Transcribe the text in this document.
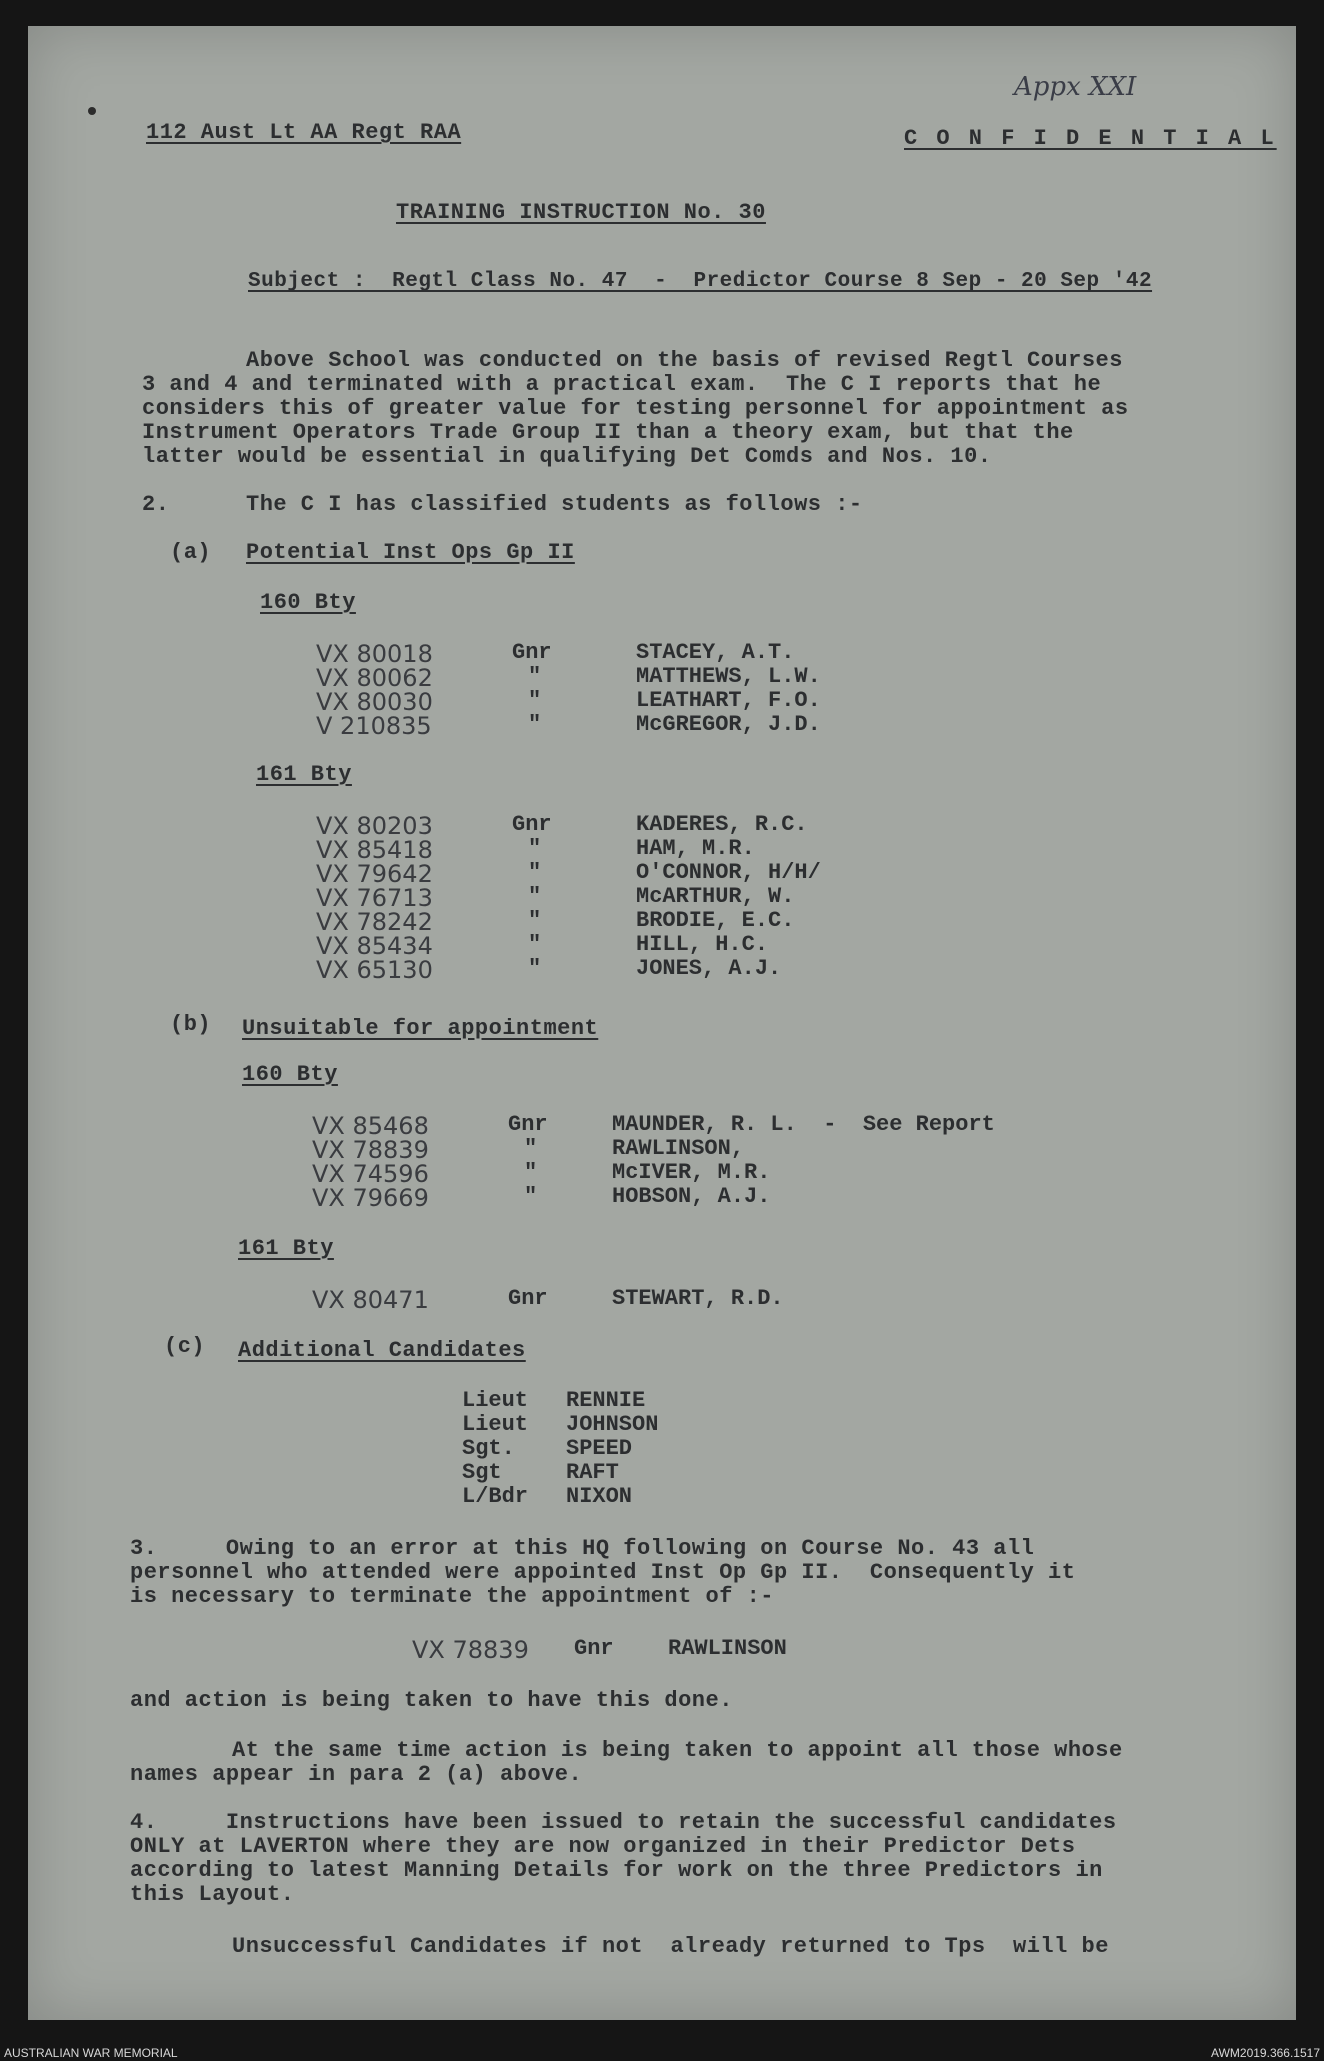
112 Aust Lt AA Regt RAA	C O N F I D E N T I A L
Appx XXI
TRAINING INSTRUCTION No. 30
Subject :  Regtl Class No. 47  -  Predictor Course 8 Sep - 20 Sep '42
Above School was conducted on the basis of revised Regtl Courses
3 and 4 and terminated with a practical exam.  The C I reports that he
considers this of greater value for testing personnel for appointment as
Instrument Operators Trade Group II than a theory exam, but that the
latter would be essential in qualifying Det Comds and Nos. 10.
2.	The C I has classified students as follows :-
(a) Potential Inst Ops Gp II
160 Bty
VX 80018	Gnr	STACEY, A.T.
VX 80062	"	MATTHEWS, L.W.
VX 80030	"	LEATHART, F.O.
V 210835	"	McGREGOR, J.D.
161 Bty
VX 80203	Gnr	KADERES, R.C.
VX 85418	"	HAM, M.R.
VX 79642	"	O'CONNOR, H/H/
VX 76713	"	McARTHUR, W.
VX 78242	"	BRODIE, E.C.
VX 85434	"	HILL, H.C.
VX 65130	"	JONES, A.J.
(b) Unsuitable for appointment
160 Bty
VX 85468	Gnr	MAUNDER, R. L.  -  See Report
VX 78839	"	RAWLINSON,
VX 74596	"	McIVER, M.R.
VX 79669	"	HOBSON, A.J.
161 Bty
VX 80471	Gnr	STEWART, R.D.
(c) Additional Candidates
Lieut RENNIE
Lieut JOHNSON
Sgt. SPEED
Sgt	RAFT
L/Bdr NIXON
3.     Owing to an error at this HQ following on Course No. 43 all
personnel who attended were appointed Inst Op Gp II.  Consequently it
is necessary to terminate the appointment of :-
VX 78839 Gnr RAWLINSON
and action is being taken to have this done.
At the same time action is being taken to appoint all those whose
names appear in para 2 (a) above.
4.     Instructions have been issued to retain the successful candidates
ONLY at LAVERTON where they are now organized in their Predictor Dets
according to latest Manning Details for work on the three Predictors in
this Layout.
Unsuccessful Candidates if not  already returned to Tps  will be
AUSTRALIAN WAR MEMORIAL	AWM2019.366.1517
